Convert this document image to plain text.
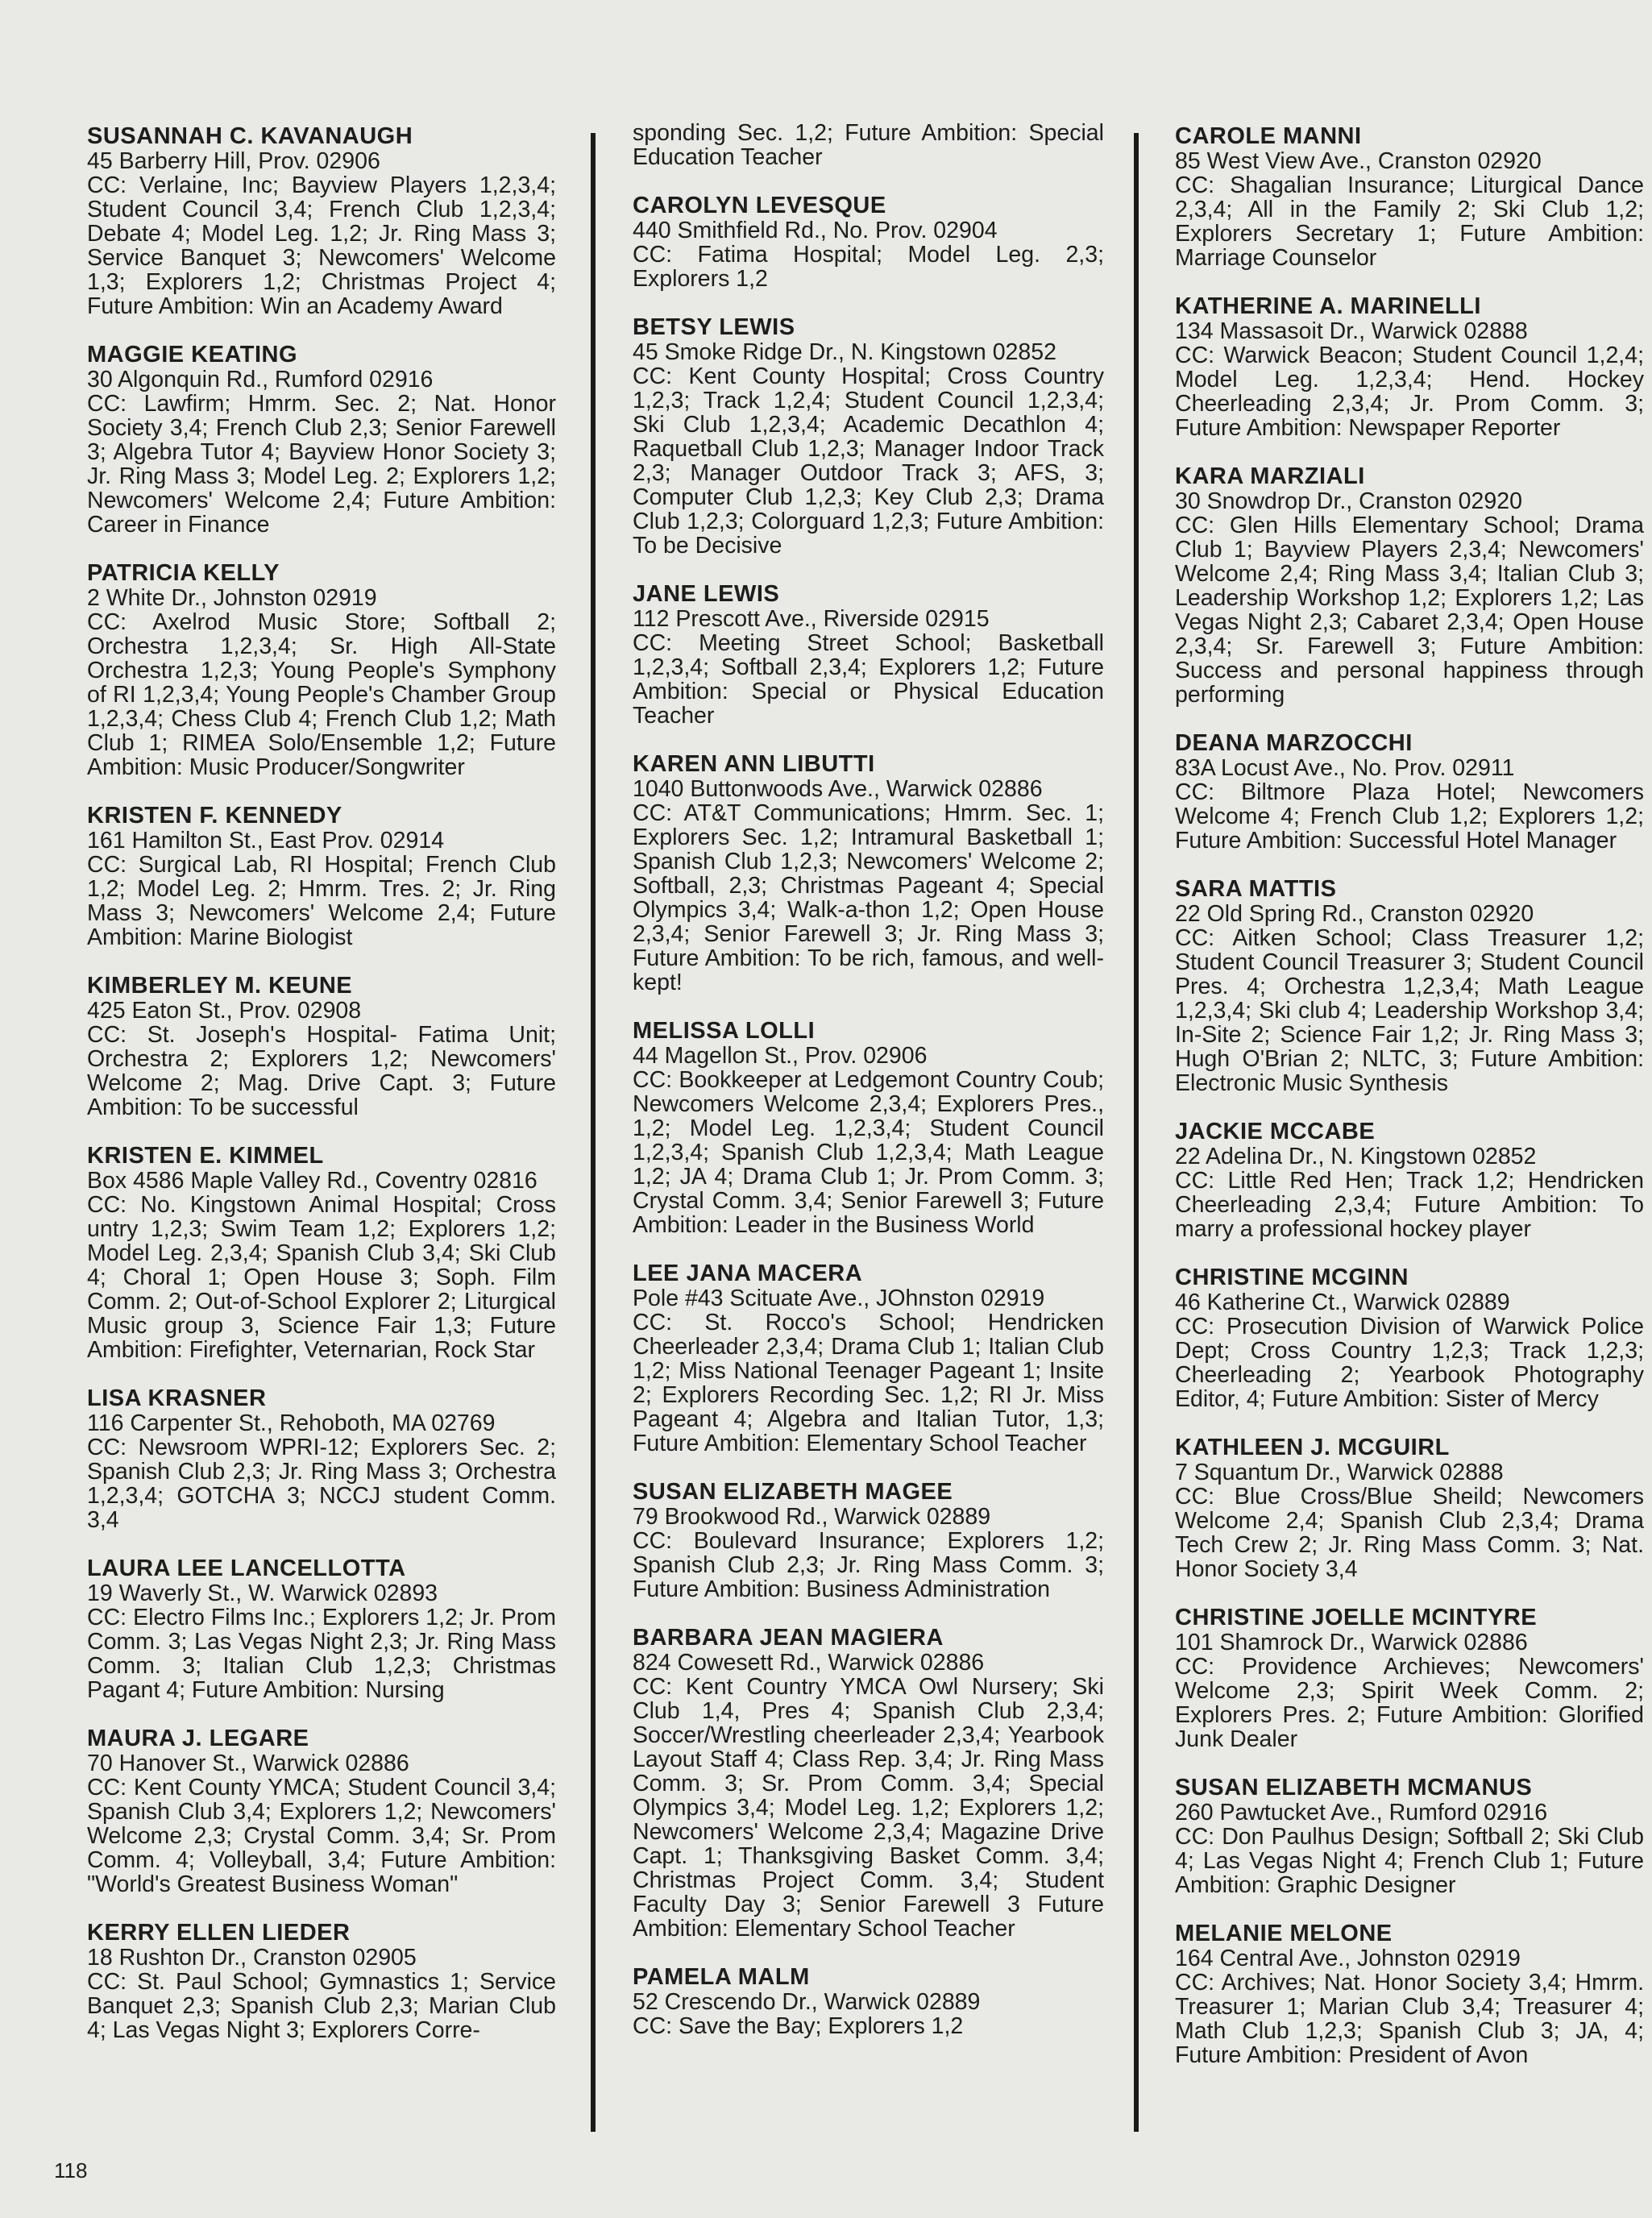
SUSANNAH C. KAVANAUGH
45 Barberry Hill, Prov. 02906
CC: Verlaine, Inc; Bayview Players 1,2,3,4; Student Council 3,4; French Club 1,2,3,4; Debate 4; Model Leg. 1,2; Jr. Ring Mass 3; Service Banquet 3; Newcomers' Welcome 1,3; Explorers 1,2; Christmas Project 4; Future Ambition: Win an Academy Award
MAGGIE KEATING
30 Algonquin Rd., Rumford 02916
CC: Lawfirm; Hmrm. Sec. 2; Nat. Honor Society 3,4; French Club 2,3; Senior Farewell 3; Algebra Tutor 4; Bayview Honor Society 3; Jr. Ring Mass 3; Model Leg. 2; Explorers 1,2; Newcomers' Welcome 2,4; Future Ambition: Career in Finance
PATRICIA KELLY
2 White Dr., Johnston 02919
CC: Axelrod Music Store; Softball 2; Orchestra 1,2,3,4; Sr. High All-State Orchestra 1,2,3; Young People's Symphony of RI 1,2,3,4; Young People's Chamber Group 1,2,3,4; Chess Club 4; French Club 1,2; Math Club 1; RIMEA Solo/Ensemble 1,2; Future Ambition: Music Producer/Songwriter
KRISTEN F. KENNEDY
161 Hamilton St., East Prov. 02914
CC: Surgical Lab, RI Hospital; French Club 1,2; Model Leg. 2; Hmrm. Tres. 2; Jr. Ring Mass 3; Newcomers' Welcome 2,4; Future Ambition: Marine Biologist
KIMBERLEY M. KEUNE
425 Eaton St., Prov. 02908
CC: St. Joseph's Hospital- Fatima Unit; Orchestra 2; Explorers 1,2; Newcomers' Welcome 2; Mag. Drive Capt. 3; Future Ambition: To be successful
KRISTEN E. KIMMEL
Box 4586 Maple Valley Rd., Coventry 02816
CC: No. Kingstown Animal Hospital; Cross untry 1,2,3; Swim Team 1,2; Explorers 1,2; Model Leg. 2,3,4; Spanish Club 3,4; Ski Club 4; Choral 1; Open House 3; Soph. Film Comm. 2; Out-of-School Explorer 2; Liturgical Music group 3, Science Fair 1,3; Future Ambition: Firefighter, Veternarian, Rock Star
LISA KRASNER
116 Carpenter St., Rehoboth, MA 02769
CC: Newsroom WPRI-12; Explorers Sec. 2; Spanish Club 2,3; Jr. Ring Mass 3; Orchestra 1,2,3,4; GOTCHA 3; NCCJ student Comm. 3,4
LAURA LEE LANCELLOTTA
19 Waverly St., W. Warwick 02893
CC: Electro Films Inc.; Explorers 1,2; Jr. Prom Comm. 3; Las Vegas Night 2,3; Jr. Ring Mass Comm. 3; Italian Club 1,2,3; Christmas Pagant 4; Future Ambition: Nursing
MAURA J. LEGARE
70 Hanover St., Warwick 02886
CC: Kent County YMCA; Student Council 3,4; Spanish Club 3,4; Explorers 1,2; Newcomers' Welcome 2,3; Crystal Comm. 3,4; Sr. Prom Comm. 4; Volleyball, 3,4; Future Ambition: "World's Greatest Business Woman"
KERRY ELLEN LIEDER
18 Rushton Dr., Cranston 02905
CC: St. Paul School; Gymnastics 1; Service Banquet 2,3; Spanish Club 2,3; Marian Club 4; Las Vegas Night 3; Explorers Corre-
sponding Sec. 1,2; Future Ambition: Special Education Teacher
CAROLYN LEVESQUE
440 Smithfield Rd., No. Prov. 02904
CC: Fatima Hospital; Model Leg. 2,3; Explorers 1,2
BETSY LEWIS
45 Smoke Ridge Dr., N. Kingstown 02852
CC: Kent County Hospital; Cross Country 1,2,3; Track 1,2,4; Student Council 1,2,3,4; Ski Club 1,2,3,4; Academic Decathlon 4; Raquetball Club 1,2,3; Manager Indoor Track 2,3; Manager Outdoor Track 3; AFS, 3; Computer Club 1,2,3; Key Club 2,3; Drama Club 1,2,3; Colorguard 1,2,3; Future Ambition: To be Decisive
JANE LEWIS
112 Prescott Ave., Riverside 02915
CC: Meeting Street School; Basketball 1,2,3,4; Softball 2,3,4; Explorers 1,2; Future Ambition: Special or Physical Education Teacher
KAREN ANN LIBUTTI
1040 Buttonwoods Ave., Warwick 02886
CC: AT&T Communications; Hmrm. Sec. 1; Explorers Sec. 1,2; Intramural Basketball 1; Spanish Club 1,2,3; Newcomers' Welcome 2; Softball, 2,3; Christmas Pageant 4; Special Olympics 3,4; Walk-a-thon 1,2; Open House 2,3,4; Senior Farewell 3; Jr. Ring Mass 3; Future Ambition: To be rich, famous, and well-kept!
MELISSA LOLLI
44 Magellon St., Prov. 02906
CC: Bookkeeper at Ledgemont Country Coub; Newcomers Welcome 2,3,4; Explorers Pres., 1,2; Model Leg. 1,2,3,4; Student Council 1,2,3,4; Spanish Club 1,2,3,4; Math League 1,2; JA 4; Drama Club 1; Jr. Prom Comm. 3; Crystal Comm. 3,4; Senior Farewell 3; Future Ambition: Leader in the Business World
LEE JANA MACERA
Pole #43 Scituate Ave., JOhnston 02919
CC: St. Rocco's School; Hendricken Cheerleader 2,3,4; Drama Club 1; Italian Club 1,2; Miss National Teenager Pageant 1; Insite 2; Explorers Recording Sec. 1,2; RI Jr. Miss Pageant 4; Algebra and Italian Tutor, 1,3; Future Ambition: Elementary School Teacher
SUSAN ELIZABETH MAGEE
79 Brookwood Rd., Warwick 02889
CC: Boulevard Insurance; Explorers 1,2; Spanish Club 2,3; Jr. Ring Mass Comm. 3; Future Ambition: Business Administration
BARBARA JEAN MAGIERA
824 Cowesett Rd., Warwick 02886
CC: Kent Country YMCA Owl Nursery; Ski Club 1,4, Pres 4; Spanish Club 2,3,4; Soccer/Wrestling cheerleader 2,3,4; Yearbook Layout Staff 4; Class Rep. 3,4; Jr. Ring Mass Comm. 3; Sr. Prom Comm. 3,4; Special Olympics 3,4; Model Leg. 1,2; Explorers 1,2; Newcomers' Welcome 2,3,4; Magazine Drive Capt. 1; Thanksgiving Basket Comm. 3,4; Christmas Project Comm. 3,4; Student Faculty Day 3; Senior Farewell 3 Future Ambition: Elementary School Teacher
PAMELA MALM
52 Crescendo Dr., Warwick 02889
CC: Save the Bay; Explorers 1,2
CAROLE MANNI
85 West View Ave., Cranston 02920
CC: Shagalian Insurance; Liturgical Dance 2,3,4; All in the Family 2; Ski Club 1,2; Explorers Secretary 1; Future Ambition: Marriage Counselor
KATHERINE A. MARINELLI
134 Massasoit Dr., Warwick 02888
CC: Warwick Beacon; Student Council 1,2,4; Model Leg. 1,2,3,4; Hend. Hockey Cheerleading 2,3,4; Jr. Prom Comm. 3; Future Ambition: Newspaper Reporter
KARA MARZIALI
30 Snowdrop Dr., Cranston 02920
CC: Glen Hills Elementary School; Drama Club 1; Bayview Players 2,3,4; Newcomers' Welcome 2,4; Ring Mass 3,4; Italian Club 3; Leadership Workshop 1,2; Explorers 1,2; Las Vegas Night 2,3; Cabaret 2,3,4; Open House 2,3,4; Sr. Farewell 3; Future Ambition: Success and personal happiness through performing
DEANA MARZOCCHI
83A Locust Ave., No. Prov. 02911
CC: Biltmore Plaza Hotel; Newcomers Welcome 4; French Club 1,2; Explorers 1,2; Future Ambition: Successful Hotel Manager
SARA MATTIS
22 Old Spring Rd., Cranston 02920
CC: Aitken School; Class Treasurer 1,2; Student Council Treasurer 3; Student Council Pres. 4; Orchestra 1,2,3,4; Math League 1,2,3,4; Ski club 4; Leadership Workshop 3,4; In-Site 2; Science Fair 1,2; Jr. Ring Mass 3; Hugh O'Brian 2; NLTC, 3; Future Ambition: Electronic Music Synthesis
JACKIE MCCABE
22 Adelina Dr., N. Kingstown 02852
CC: Little Red Hen; Track 1,2; Hendricken Cheerleading 2,3,4; Future Ambition: To marry a professional hockey player
CHRISTINE MCGINN
46 Katherine Ct., Warwick 02889
CC: Prosecution Division of Warwick Police Dept; Cross Country 1,2,3; Track 1,2,3; Cheerleading 2; Yearbook Photography Editor, 4; Future Ambition: Sister of Mercy
KATHLEEN J. MCGUIRL
7 Squantum Dr., Warwick 02888
CC: Blue Cross/Blue Sheild; Newcomers Welcome 2,4; Spanish Club 2,3,4; Drama Tech Crew 2; Jr. Ring Mass Comm. 3; Nat. Honor Society 3,4
CHRISTINE JOELLE MCINTYRE
101 Shamrock Dr., Warwick 02886
CC: Providence Archieves; Newcomers' Welcome 2,3; Spirit Week Comm. 2; Explorers Pres. 2; Future Ambition: Glorified Junk Dealer
SUSAN ELIZABETH MCMANUS
260 Pawtucket Ave., Rumford 02916
CC: Don Paulhus Design; Softball 2; Ski Club 4; Las Vegas Night 4; French Club 1; Future Ambition: Graphic Designer
MELANIE MELONE
164 Central Ave., Johnston 02919
CC: Archives; Nat. Honor Society 3,4; Hmrm. Treasurer 1; Marian Club 3,4; Treasurer 4; Math Club 1,2,3; Spanish Club 3; JA, 4; Future Ambition: President of Avon
118
